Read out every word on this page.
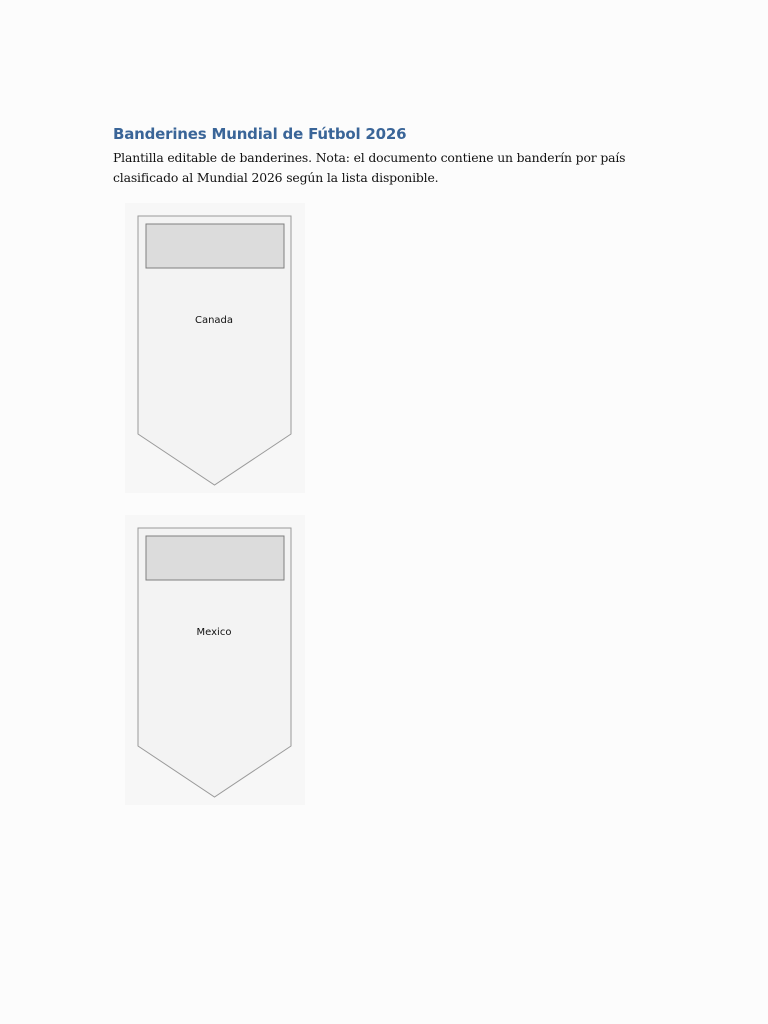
Banderines Mundial de Fútbol 2026

Plantilla editable de banderines. Nota: el documento contiene un banderín por país
clasificado al Mundial 2026 según la lista disponible.

Canada
Mexico
